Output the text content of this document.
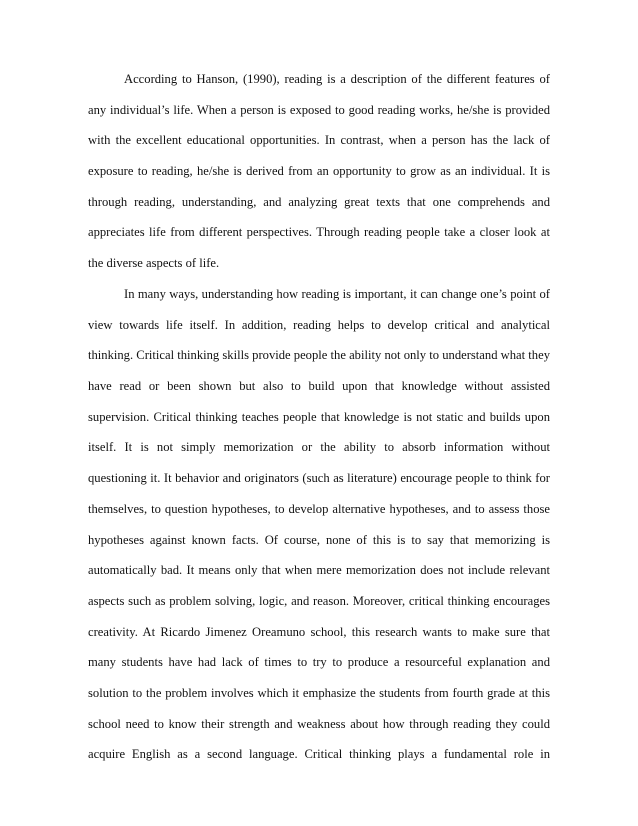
According to Hanson, (1990), reading is a description of the different features of
any individual’s life. When a person is exposed to good reading works, he/she is provided
with the excellent educational opportunities. In contrast, when a person has the lack of
exposure to reading, he/she is derived from an opportunity to grow as an individual. It is
through reading, understanding, and analyzing great texts that one comprehends and
appreciates life from different perspectives. Through reading people take a closer look at
the diverse aspects of life.
In many ways, understanding how reading is important, it can change one’s point of
view towards life itself. In addition, reading helps to develop critical and analytical
thinking. Critical thinking skills provide people the ability not only to understand what they
have read or been shown but also to build upon that knowledge without assisted
supervision. Critical thinking teaches people that knowledge is not static and builds upon
itself. It is not simply memorization or the ability to absorb information without
questioning it. It behavior and originators (such as literature) encourage people to think for
themselves, to question hypotheses, to develop alternative hypotheses, and to assess those
hypotheses against known facts. Of course, none of this is to say that memorizing is
automatically bad. It means only that when mere memorization does not include relevant
aspects such as problem solving, logic, and reason. Moreover, critical thinking encourages
creativity. At Ricardo Jimenez Oreamuno school, this research wants to make sure that
many students have had lack of times to try to produce a resourceful explanation and
solution to the problem involves which it emphasize the students from fourth grade at this
school need to know their strength and weakness about how through reading they could
acquire English as a second language. Critical thinking plays a fundamental role in
